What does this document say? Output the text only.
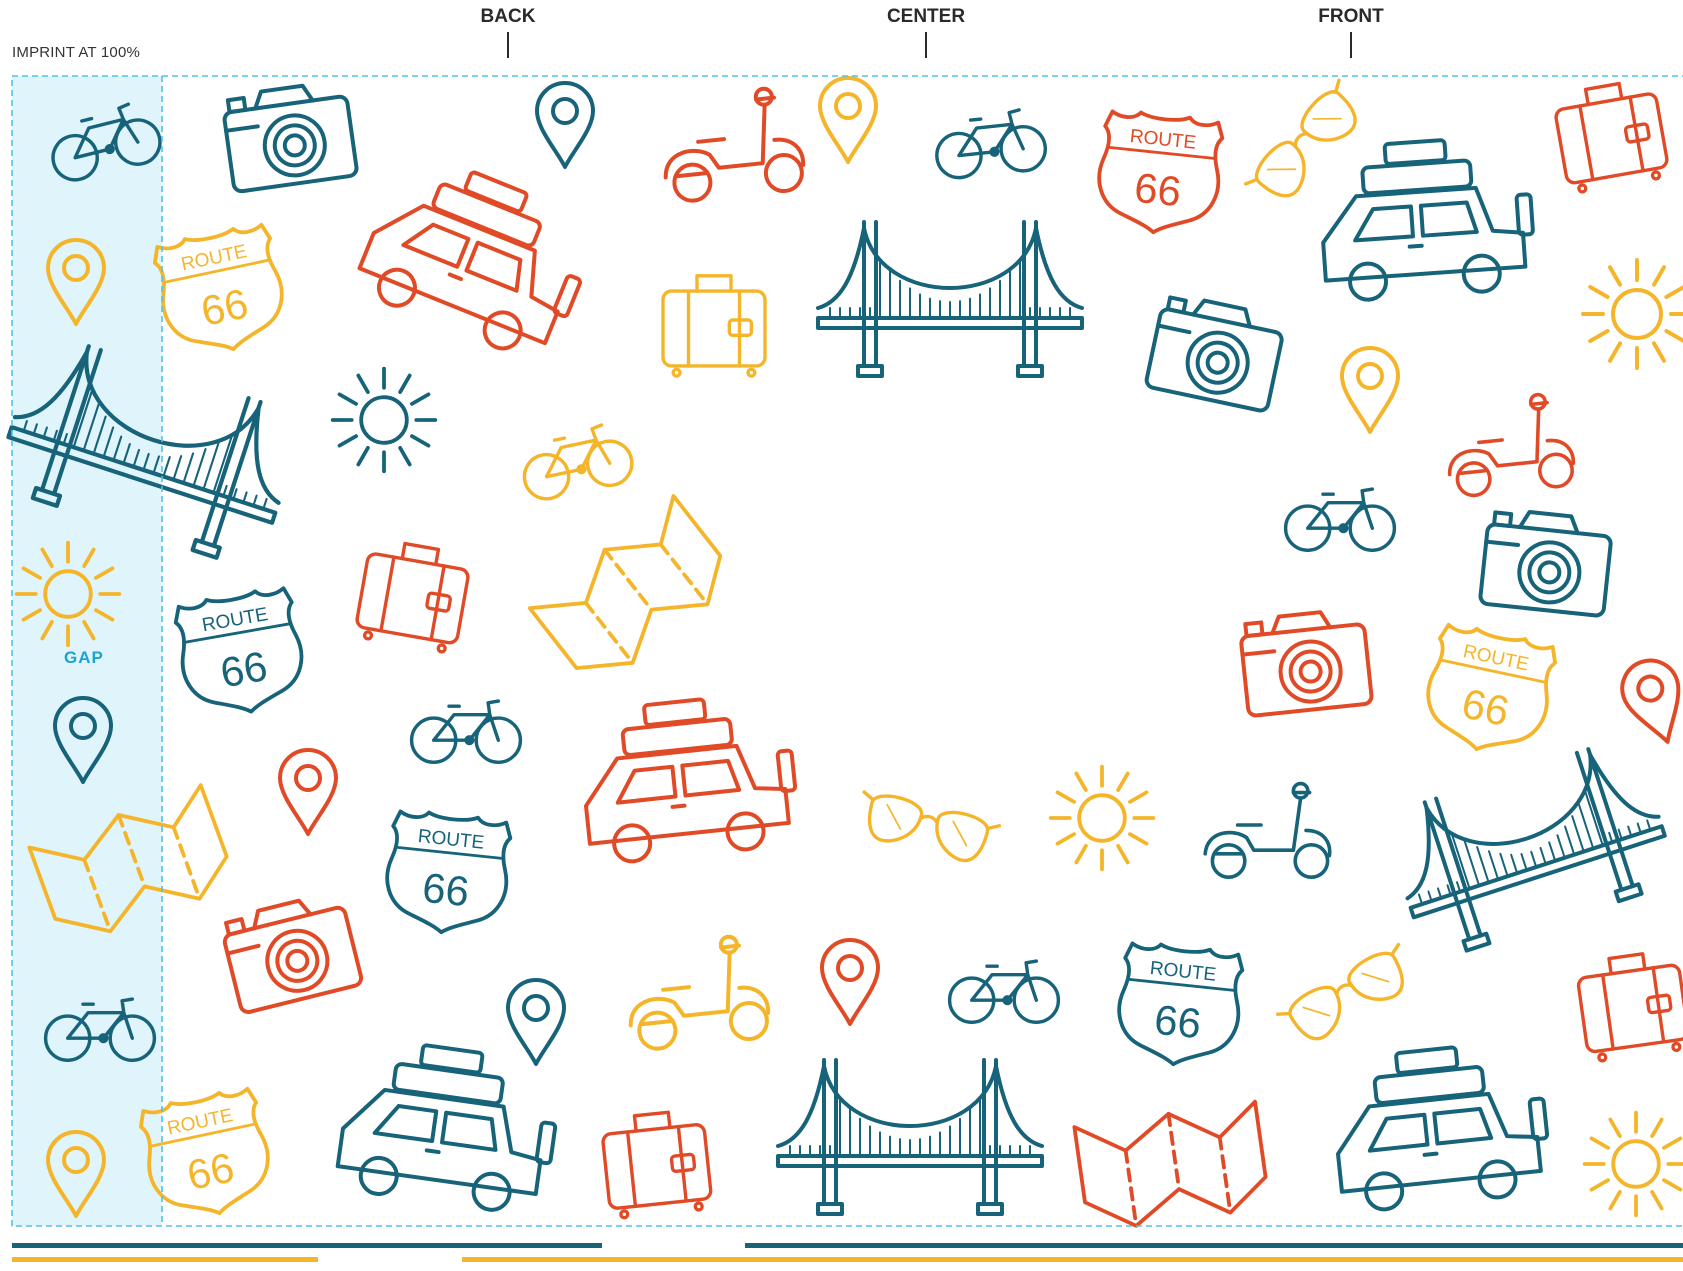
ROUTE
66
ROUTE
66
ROUTE
66	ROUTE
66
ROUTE
66
ROUTE
66
ROUTE
66
IMPRINT AT 100%
BACK	CENTER	FRONT
GAP
